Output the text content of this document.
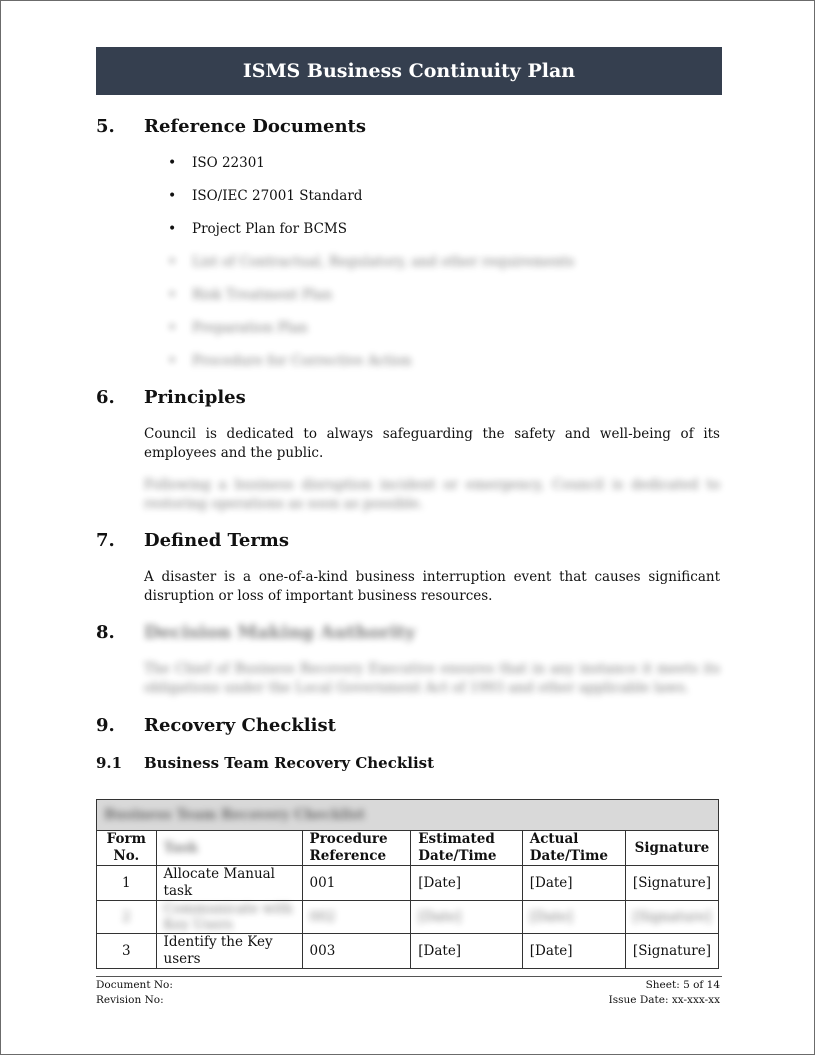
ISMS Business Continuity Plan
5.	Reference Documents
• ISO 22301
• ISO/IEC 27001 Standard
• Project Plan for BCMS
• List of Contractual, Regulatory, and other requirements
• Risk Treatment Plan
• Preparation Plan
• Procedure for Corrective Action
6.	Principles
Council is dedicated to always safeguarding the safety and well-being of its employees and the public.
Following a business disruption incident or emergency, Council is dedicated to restoring operations as soon as possible.
7.	Defined Terms
A disaster is a one-of-a-kind business interruption event that causes significant disruption or loss of important business resources.
8.	Decision Making Authority
The Chief of Business Recovery Executive ensures that in any instance it meets its obligations under the Local Government Act of 1993 and other applicable laws.
9.	Recovery Checklist
9.1	Business Team Recovery Checklist
Business Team Recovery Checklist					
Form No.	Task	Procedure Reference	Estimated Date/Time	Actual Date/Time	Signature
1	Allocate Manual task	001	[Date]	[Date]	[Signature]
2	Communicate with Key Users	002	[Date]	[Date]	[Signature]
3	Identify the Key users	003	[Date]	[Date]	[Signature]
Document No:
Revision No:
Sheet: 5 of 14
Issue Date: xx-xxx-xx
